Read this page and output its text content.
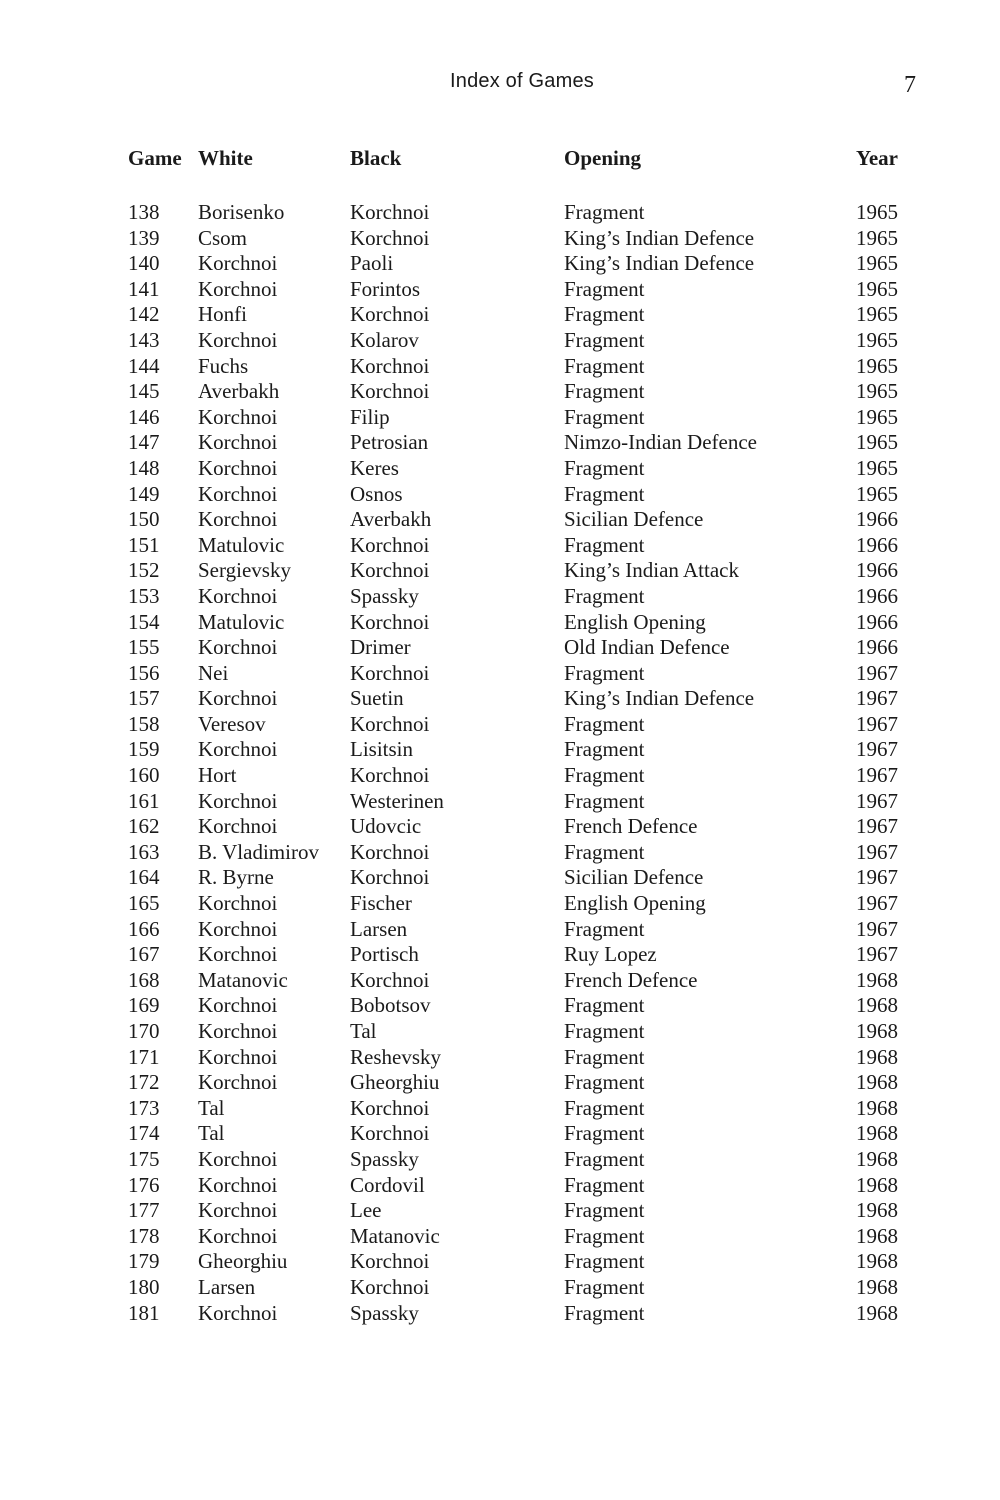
Index of Games	7
Game	White	Black	Opening	Year

138	Borisenko	Korchnoi	Fragment	1965
139	Csom	Korchnoi	King’s Indian Defence	1965
140	Korchnoi	Paoli	King’s Indian Defence	1965
141	Korchnoi	Forintos	Fragment	1965
142	Honfi	Korchnoi	Fragment	1965
143	Korchnoi	Kolarov	Fragment	1965
144	Fuchs	Korchnoi	Fragment	1965
145	Averbakh	Korchnoi	Fragment	1965
146	Korchnoi	Filip	Fragment	1965
147	Korchnoi	Petrosian	Nimzo-Indian Defence	1965
148	Korchnoi	Keres	Fragment	1965
149	Korchnoi	Osnos	Fragment	1965
150	Korchnoi	Averbakh	Sicilian Defence	1966
151	Matulovic	Korchnoi	Fragment	1966
152	Sergievsky	Korchnoi	King’s Indian Attack	1966
153	Korchnoi	Spassky	Fragment	1966
154	Matulovic	Korchnoi	English Opening	1966
155	Korchnoi	Drimer	Old Indian Defence	1966
156	Nei	Korchnoi	Fragment	1967
157	Korchnoi	Suetin	King’s Indian Defence	1967
158	Veresov	Korchnoi	Fragment	1967
159	Korchnoi	Lisitsin	Fragment	1967
160	Hort	Korchnoi	Fragment	1967
161	Korchnoi	Westerinen	Fragment	1967
162	Korchnoi	Udovcic	French Defence	1967
163	B. Vladimirov	Korchnoi	Fragment	1967
164	R. Byrne	Korchnoi	Sicilian Defence	1967
165	Korchnoi	Fischer	English Opening	1967
166	Korchnoi	Larsen	Fragment	1967
167	Korchnoi	Portisch	Ruy Lopez	1967
168	Matanovic	Korchnoi	French Defence	1968
169	Korchnoi	Bobotsov	Fragment	1968
170	Korchnoi	Tal	Fragment	1968
171	Korchnoi	Reshevsky	Fragment	1968
172	Korchnoi	Gheorghiu	Fragment	1968
173	Tal	Korchnoi	Fragment	1968
174	Tal	Korchnoi	Fragment	1968
175	Korchnoi	Spassky	Fragment	1968
176	Korchnoi	Cordovil	Fragment	1968
177	Korchnoi	Lee	Fragment	1968
178	Korchnoi	Matanovic	Fragment	1968
179	Gheorghiu	Korchnoi	Fragment	1968
180	Larsen	Korchnoi	Fragment	1968
181	Korchnoi	Spassky	Fragment	1968
